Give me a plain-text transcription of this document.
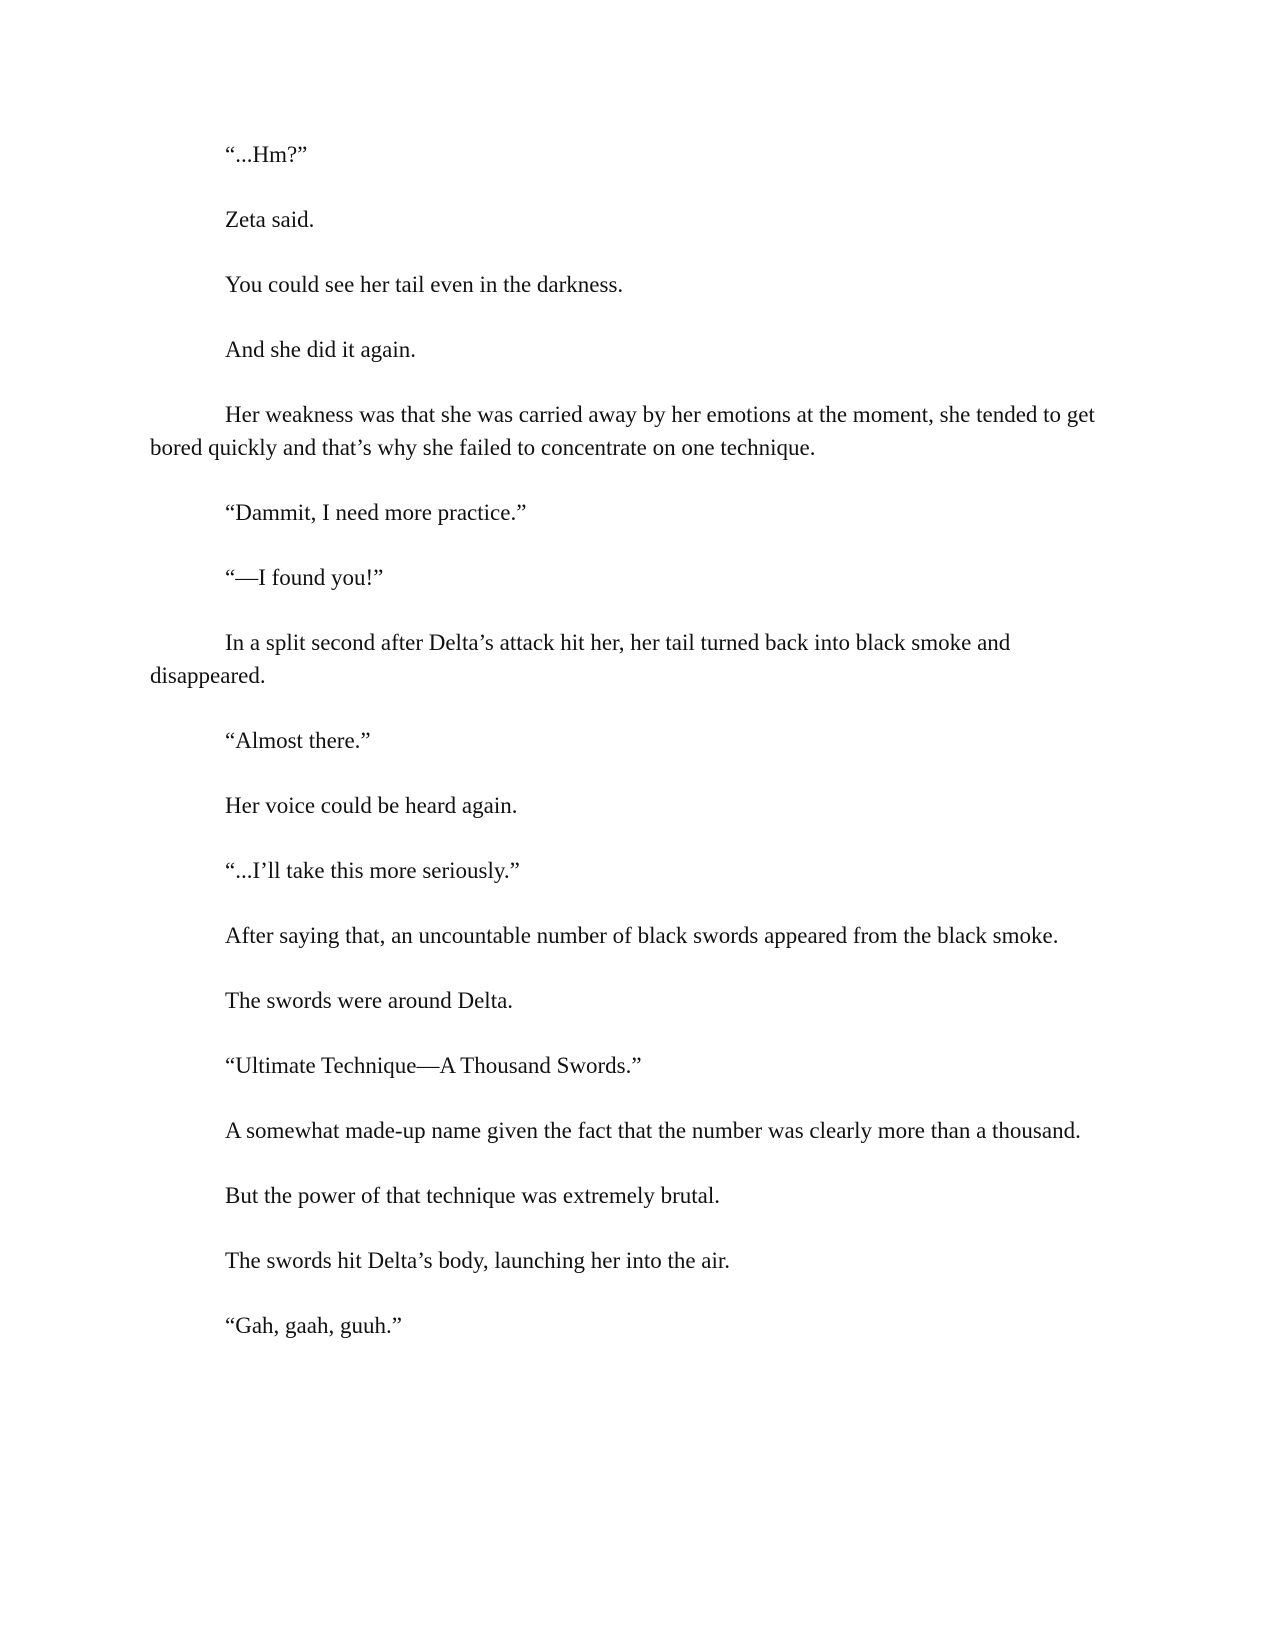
“...Hm?”

Zeta said.

You could see her tail even in the darkness.

And she did it again.

Her weakness was that she was carried away by her emotions at the moment, she tended to get bored quickly and that’s why she failed to concentrate on one technique.

“Dammit, I need more practice.”

“—I found you!”

In a split second after Delta’s attack hit her, her tail turned back into black smoke and disappeared.

“Almost there.”

Her voice could be heard again.

“...I’ll take this more seriously.”

After saying that, an uncountable number of black swords appeared from the black smoke.

The swords were around Delta.

“Ultimate Technique—A Thousand Swords.”

A somewhat made-up name given the fact that the number was clearly more than a thousand.

But the power of that technique was extremely brutal.

The swords hit Delta’s body, launching her into the air.

“Gah, gaah, guuh.”
